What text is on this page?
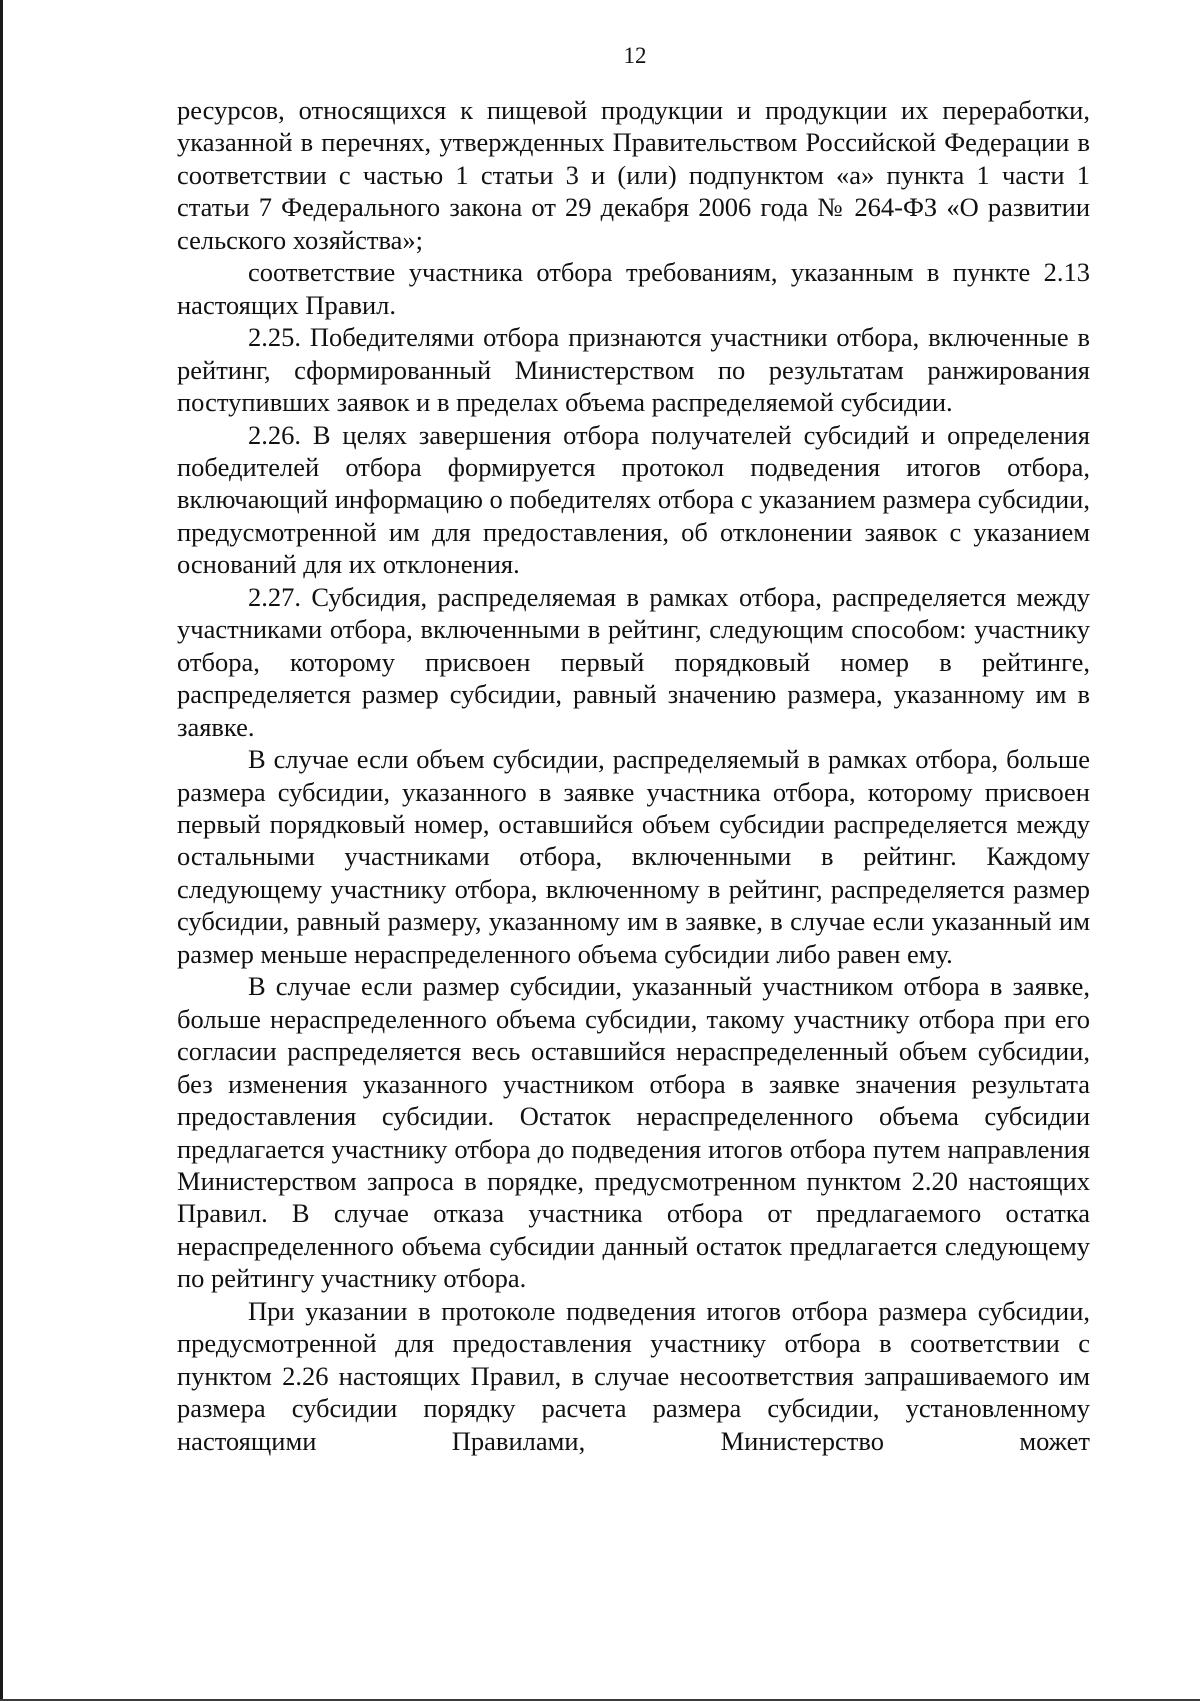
12

ресурсов, относящихся к пищевой продукции и продукции их переработки, указанной в перечнях, утвержденных Правительством Российской Федерации в соответствии с частью 1 статьи 3 и (или) подпунктом «а» пункта 1 части 1 статьи 7 Федерального закона от 29 декабря 2006 года № 264-ФЗ «О развитии сельского хозяйства»;

соответствие участника отбора требованиям, указанным в пункте 2.13 настоящих Правил.

2.25. Победителями отбора признаются участники отбора, включенные в рейтинг, сформированный Министерством по результатам ранжирования поступивших заявок и в пределах объема распределяемой субсидии.

2.26. В целях завершения отбора получателей субсидий и определения победителей отбора формируется протокол подведения итогов отбора, включающий информацию о победителях отбора с указанием размера субсидии, предусмотренной им для предоставления, об отклонении заявок с указанием оснований для их отклонения.

2.27. Субсидия, распределяемая в рамках отбора, распределяется между участниками отбора, включенными в рейтинг, следующим способом: участнику отбора, которому присвоен первый порядковый номер в рейтинге, распределяется размер субсидии, равный значению размера, указанному им в заявке.

В случае если объем субсидии, распределяемый в рамках отбора, больше размера субсидии, указанного в заявке участника отбора, которому присвоен первый порядковый номер, оставшийся объем субсидии распределяется между остальными участниками отбора, включенными в рейтинг. Каждому следующему участнику отбора, включенному в рейтинг, распределяется размер субсидии, равный размеру, указанному им в заявке, в случае если указанный им размер меньше нераспределенного объема субсидии либо равен ему.

В случае если размер субсидии, указанный участником отбора в заявке, больше нераспределенного объема субсидии, такому участнику отбора при его согласии распределяется весь оставшийся нераспределенный объем субсидии, без изменения указанного участником отбора в заявке значения результата предоставления субсидии. Остаток нераспределенного объема субсидии предлагается участнику отбора до подведения итогов отбора путем направления Министерством запроса в порядке, предусмотренном пунктом 2.20 настоящих Правил. В случае отказа участника отбора от предлагаемого остатка нераспределенного объема субсидии данный остаток предлагается следующему по рейтингу участнику отбора.

При указании в протоколе подведения итогов отбора размера субсидии, предусмотренной для предоставления участнику отбора в соответствии с пунктом 2.26 настоящих Правил, в случае несоответствия запрашиваемого им размера субсидии порядку расчета размера субсидии, установленному настоящими Правилами, Министерство может
